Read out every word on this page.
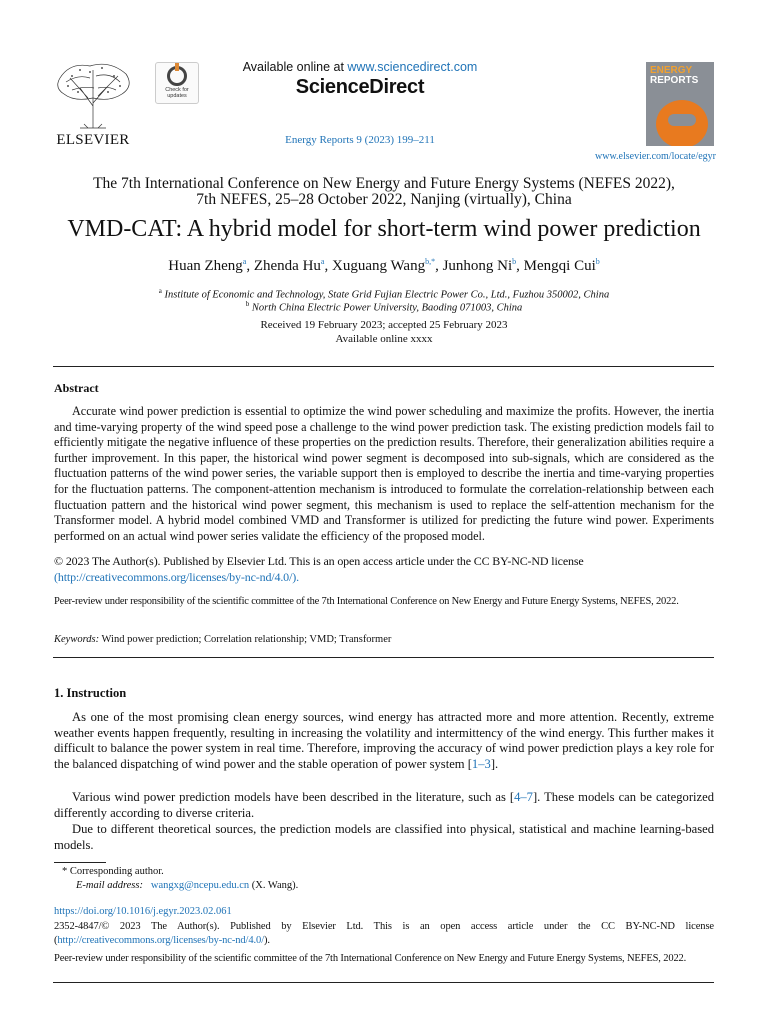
ELSEVIER
Check for updates
Available online at www.sciencedirect.com
ScienceDirect
Energy Reports 9 (2023) 199–211
ENERGY
REPORTS
www.elsevier.com/locate/egyr
The 7th International Conference on New Energy and Future Energy Systems (NEFES 2022),
7th NEFES, 25–28 October 2022, Nanjing (virtually), China
VMD-CAT: A hybrid model for short-term wind power prediction
Huan Zheng$^a$, Zhenda Hu$^a$, Xuguang Wang$^{b,*}$, Junhong Ni$^b$, Mengqi Cui$^b$
$^a$ Institute of Economic and Technology, State Grid Fujian Electric Power Co., Ltd., Fuzhou 350002, China
$^b$ North China Electric Power University, Baoding 071003, China
Received 19 February 2023; accepted 25 February 2023
Available online xxxx
Abstract
Accurate wind power prediction is essential to optimize the wind power scheduling and maximize the profits. However, the inertia and time-varying property of the wind speed pose a challenge to the wind power prediction task. The existing prediction models fail to efficiently mitigate the negative influence of these properties on the prediction results. Therefore, their generalization abilities require a further improvement. In this paper, the historical wind power segment is decomposed into sub-signals, which are considered as the fluctuation patterns of the wind power series, the variable support then is employed to describe the inertia and time-varying properties for the fluctuation patterns. The component-attention mechanism is introduced to formulate the correlation-relationship between each fluctuation pattern and the historical wind power segment, this mechanism is used to replace the self-attention mechanism for the Transformer model. A hybrid model combined VMD and Transformer is utilized for predicting the future wind power. Experiments performed on an actual wind power series validate the efficiency of the proposed model.
© 2023 The Author(s). Published by Elsevier Ltd. This is an open access article under the CC BY-NC-ND license
(http://creativecommons.org/licenses/by-nc-nd/4.0/).
Peer-review under responsibility of the scientific committee of the 7th International Conference on New Energy and Future Energy Systems, NEFES, 2022.
Keywords: Wind power prediction; Correlation relationship; VMD; Transformer
1. Instruction
As one of the most promising clean energy sources, wind energy has attracted more and more attention. Recently, extreme weather events happen frequently, resulting in increasing the volatility and intermittency of the wind energy. This further makes it difficult to balance the power system in real time. Therefore, improving the accuracy of wind power prediction plays a key role for the balanced dispatching of wind power and the stable operation of power system [1–3].
Various wind power prediction models have been described in the literature, such as [4–7]. These models can be categorized differently according to diverse criteria.
Due to different theoretical sources, the prediction models are classified into physical, statistical and machine learning-based models.
* Corresponding author.
E-mail address: wangxg@ncepu.edu.cn (X. Wang).
https://doi.org/10.1016/j.egyr.2023.02.061
2352-4847/© 2023 The Author(s). Published by Elsevier Ltd. This is an open access article under the CC BY-NC-ND license (http://creativecommons.org/licenses/by-nc-nd/4.0/).
Peer-review under responsibility of the scientific committee of the 7th International Conference on New Energy and Future Energy Systems, NEFES, 2022.
